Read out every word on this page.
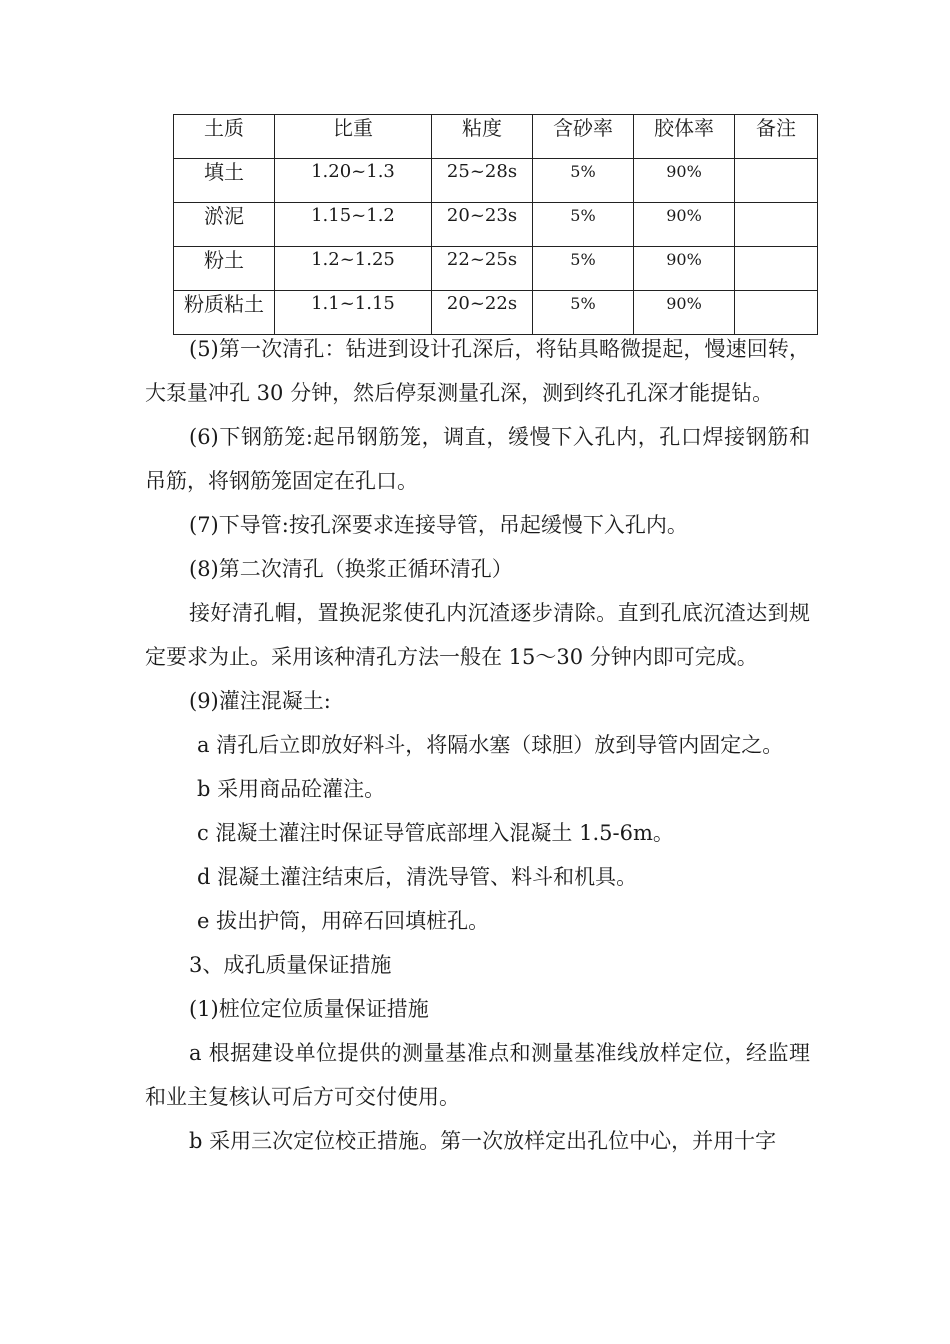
土质	比重	粘度	含砂率	胶体率	备注
填土	1.20~1.3	25~28s	5%	90%	
淤泥	1.15~1.2	20~23s	5%	90%	
粉土	1.2~1.25	22~25s	5%	90%	
粉质粘土	1.1~1.15	20~22s	5%	90%	

(5)第一次清孔：钻进到设计孔深后，将钻具略微提起，慢速回转，大泵量冲孔 30 分钟，然后停泵测量孔深，测到终孔孔深才能提钻。

(6)下钢筋笼:起吊钢筋笼，调直，缓慢下入孔内，孔口焊接钢筋和吊筋，将钢筋笼固定在孔口。

(7)下导管:按孔深要求连接导管，吊起缓慢下入孔内。

(8)第二次清孔（换浆正循环清孔）

接好清孔帽，置换泥浆使孔内沉渣逐步清除。直到孔底沉渣达到规定要求为止。采用该种清孔方法一般在 15～30 分钟内即可完成。

(9)灌注混凝土:

a 清孔后立即放好料斗，将隔水塞（球胆）放到导管内固定之。

b 采用商品砼灌注。

c 混凝土灌注时保证导管底部埋入混凝土 1.5-6m。

d 混凝土灌注结束后，清洗导管、料斗和机具。

e 拔出护筒，用碎石回填桩孔。

3、成孔质量保证措施

(1)桩位定位质量保证措施

a 根据建设单位提供的测量基准点和测量基准线放样定位，经监理和业主复核认可后方可交付使用。

b 采用三次定位校正措施。第一次放样定出孔位中心，并用十字
